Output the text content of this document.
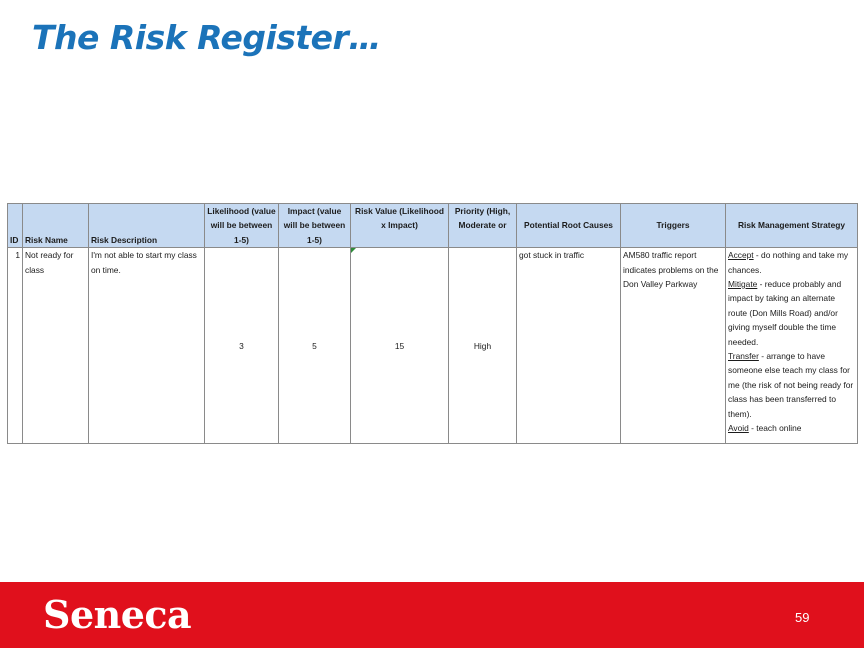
The Risk Register…
ID	Risk Name	Risk Description	Likelihood (value will be between 1-5)	Impact (value will be between 1-5)	Risk Value (Likelihood x Impact)	Priority (High, Moderate or	Potential Root Causes	Triggers	Risk Management Strategy
1	Not ready for class	I'm not able to start my class on time.	3	5	15	High	got stuck in traffic	AM580 traffic report indicates problems on the Don Valley Parkway	Accept - do nothing and take my chances.
Mitigate - reduce probably and impact by taking an alternate route (Don Mills Road) and/or giving myself double the time needed.
Transfer - arrange to have someone else teach my class for me (the risk of not being ready for class has been transferred to them).
Avoid - teach online
Seneca	59
